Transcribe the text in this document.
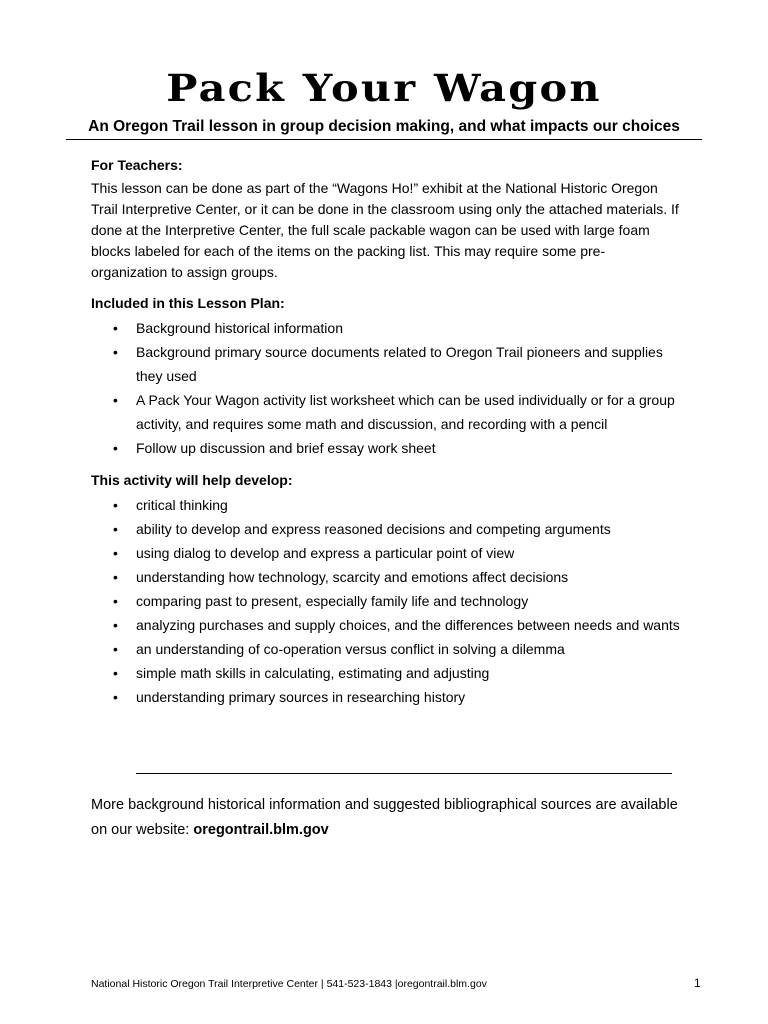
Pack Your Wagon
An Oregon Trail lesson in group decision making, and what impacts our choices
For Teachers:

This lesson can be done as part of the “Wagons Ho!” exhibit at the National Historic Oregon Trail Interpretive Center, or it can be done in the classroom using only the attached materials. If done at the Interpretive Center, the full scale packable wagon can be used with large foam blocks labeled for each of the items on the packing list. This may require some pre-organization to assign groups.

Included in this Lesson Plan:
• Background historical information
• Background primary source documents related to Oregon Trail pioneers and supplies they used
• A Pack Your Wagon activity list worksheet which can be used individually or for a group activity, and requires some math and discussion, and recording with a pencil
• Follow up discussion and brief essay work sheet
This activity will help develop:
• critical thinking
• ability to develop and express reasoned decisions and competing arguments
• using dialog to develop and express a particular point of view
• understanding how technology, scarcity and emotions affect decisions
• comparing past to present, especially family life and technology
• analyzing purchases and supply choices, and the differences between needs and wants
• an understanding of co-operation versus conflict in solving a dilemma
• simple math skills in calculating, estimating and adjusting
• understanding primary sources in researching history
More background historical information and suggested bibliographical sources are available on our website: oregontrail.blm.gov
National Historic Oregon Trail Interpretive Center | 541-523-1843 |oregontrail.blm.gov	1
